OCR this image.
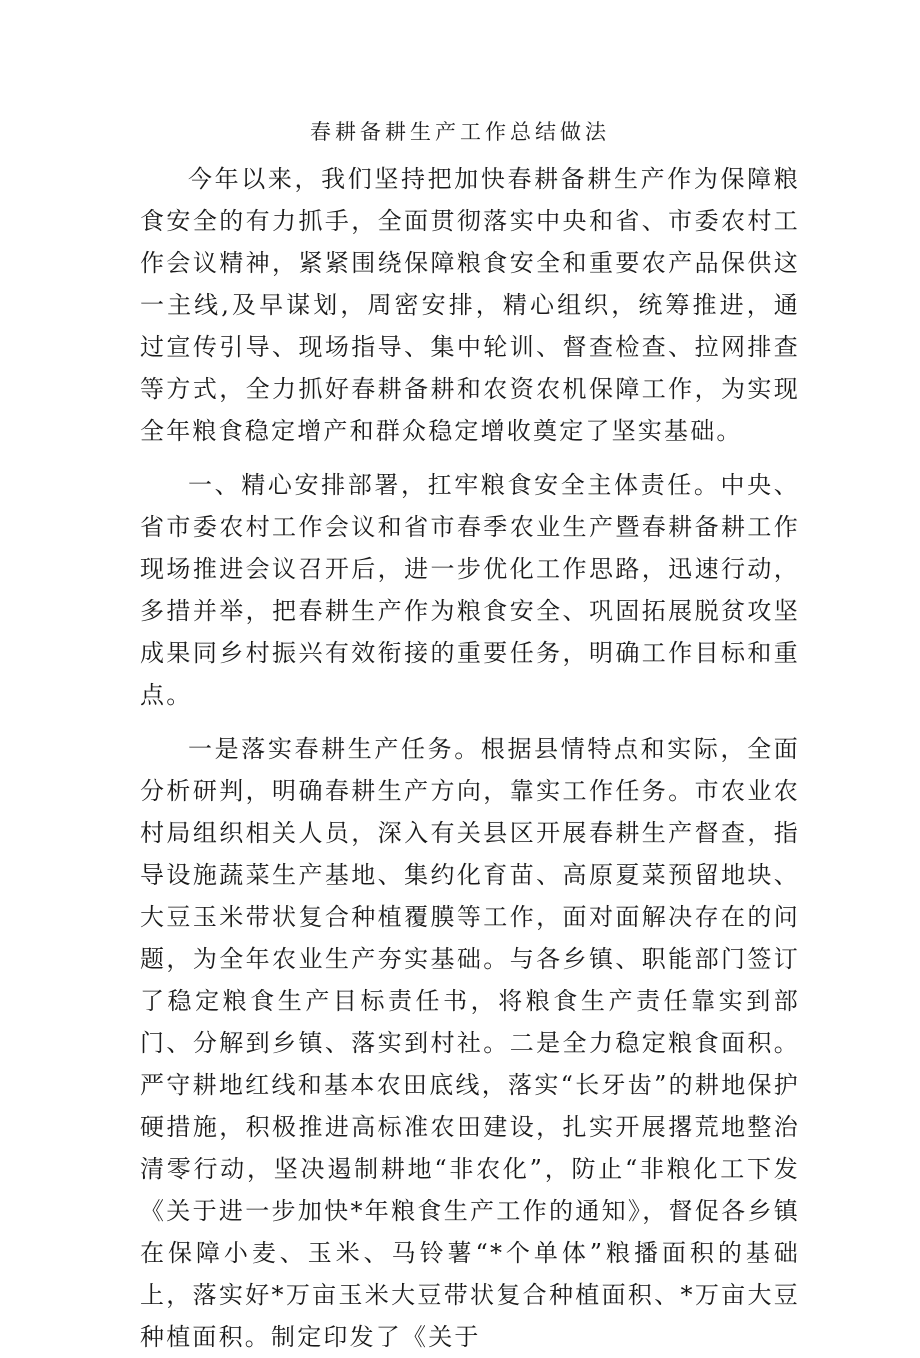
春耕备耕生产工作总结做法

今年以来，我们坚持把加快春耕备耕生产作为保障粮食安全的有力抓手，全面贯彻落实中央和省、市委农村工作会议精神，紧紧围绕保障粮食安全和重要农产品保供这一主线,及早谋划，周密安排，精心组织，统筹推进，通过宣传引导、现场指导、集中轮训、督查检查、拉网排查等方式，全力抓好春耕备耕和农资农机保障工作，为实现全年粮食稳定增产和群众稳定增收奠定了坚实基础。

一、精心安排部署，扛牢粮食安全主体责任。中央、省市委农村工作会议和省市春季农业生产暨春耕备耕工作现场推进会议召开后，进一步优化工作思路，迅速行动，多措并举，把春耕生产作为粮食安全、巩固拓展脱贫攻坚成果同乡村振兴有效衔接的重要任务，明确工作目标和重点。

一是落实春耕生产任务。根据县情特点和实际，全面分析研判，明确春耕生产方向，靠实工作任务。市农业农村局组织相关人员，深入有关县区开展春耕生产督查，指导设施蔬菜生产基地、集约化育苗、高原夏菜预留地块、大豆玉米带状复合种植覆膜等工作，面对面解决存在的问题，为全年农业生产夯实基础。与各乡镇、职能部门签订了稳定粮食生产目标责任书，将粮食生产责任靠实到部门、分解到乡镇、落实到村社。二是全力稳定粮食面积。严守耕地红线和基本农田底线，落实“长牙齿”的耕地保护硬措施，积极推进高标准农田建设，扎实开展撂荒地整治清零行动，坚决遏制耕地“非农化”，防止“非粮化工下发《关于进一步加快*年粮食生产工作的通知》，督促各乡镇在保障小麦、玉米、马铃薯“*个单体”粮播面积的基础上，落实好*万亩玉米大豆带状复合种植面积、*万亩大豆种植面积。制定印发了《关于
